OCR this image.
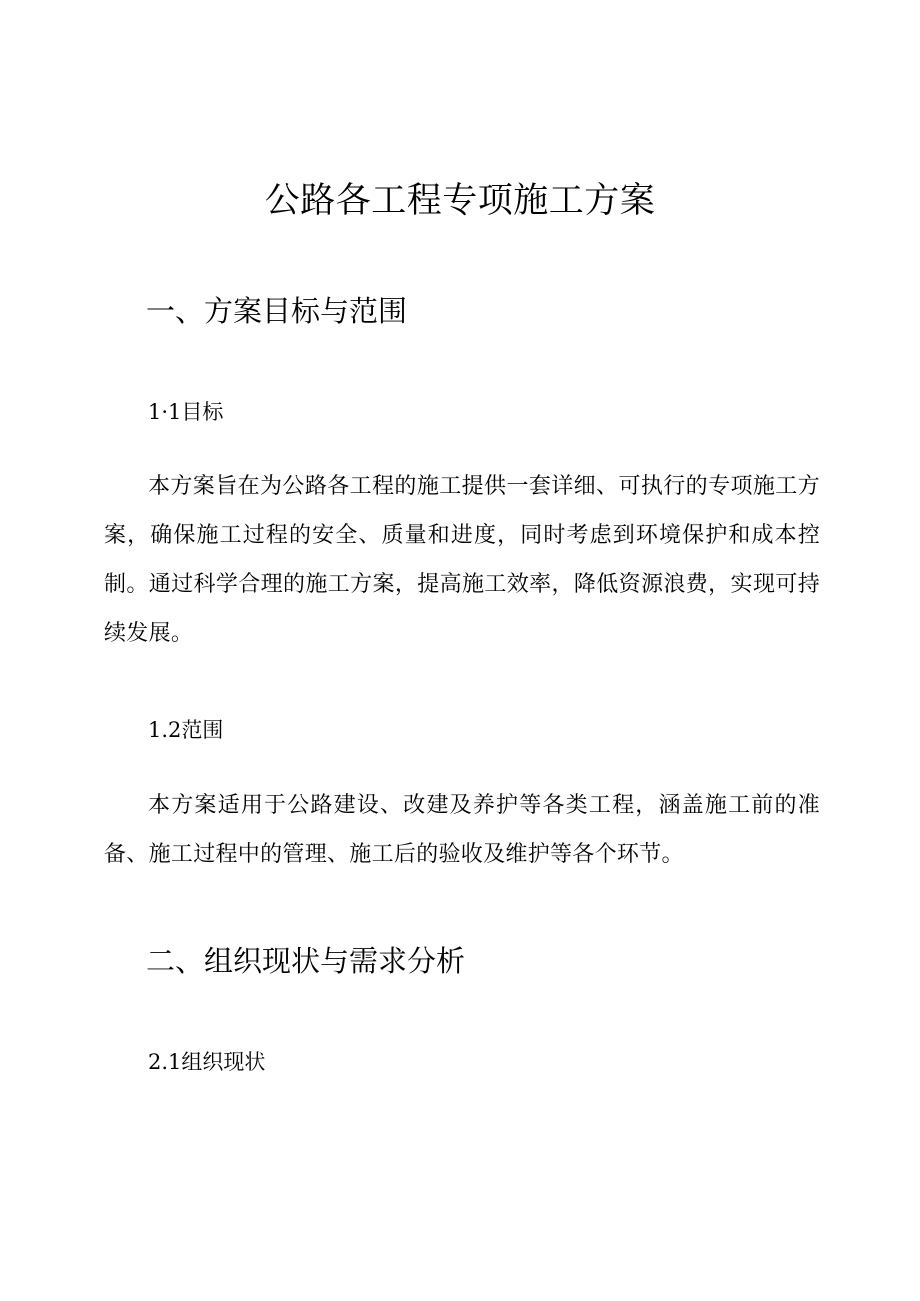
公路各工程专项施工方案
一、方案目标与范围
1·1目标

本方案旨在为公路各工程的施工提供一套详细、可执行的专项施工方案，确保施工过程的安全、质量和进度，同时考虑到环境保护和成本控制。通过科学合理的施工方案，提高施工效率，降低资源浪费，实现可持续发展。

1.2范围

本方案适用于公路建设、改建及养护等各类工程，涵盖施工前的准备、施工过程中的管理、施工后的验收及维护等各个环节。

二、组织现状与需求分析
2.1组织现状
